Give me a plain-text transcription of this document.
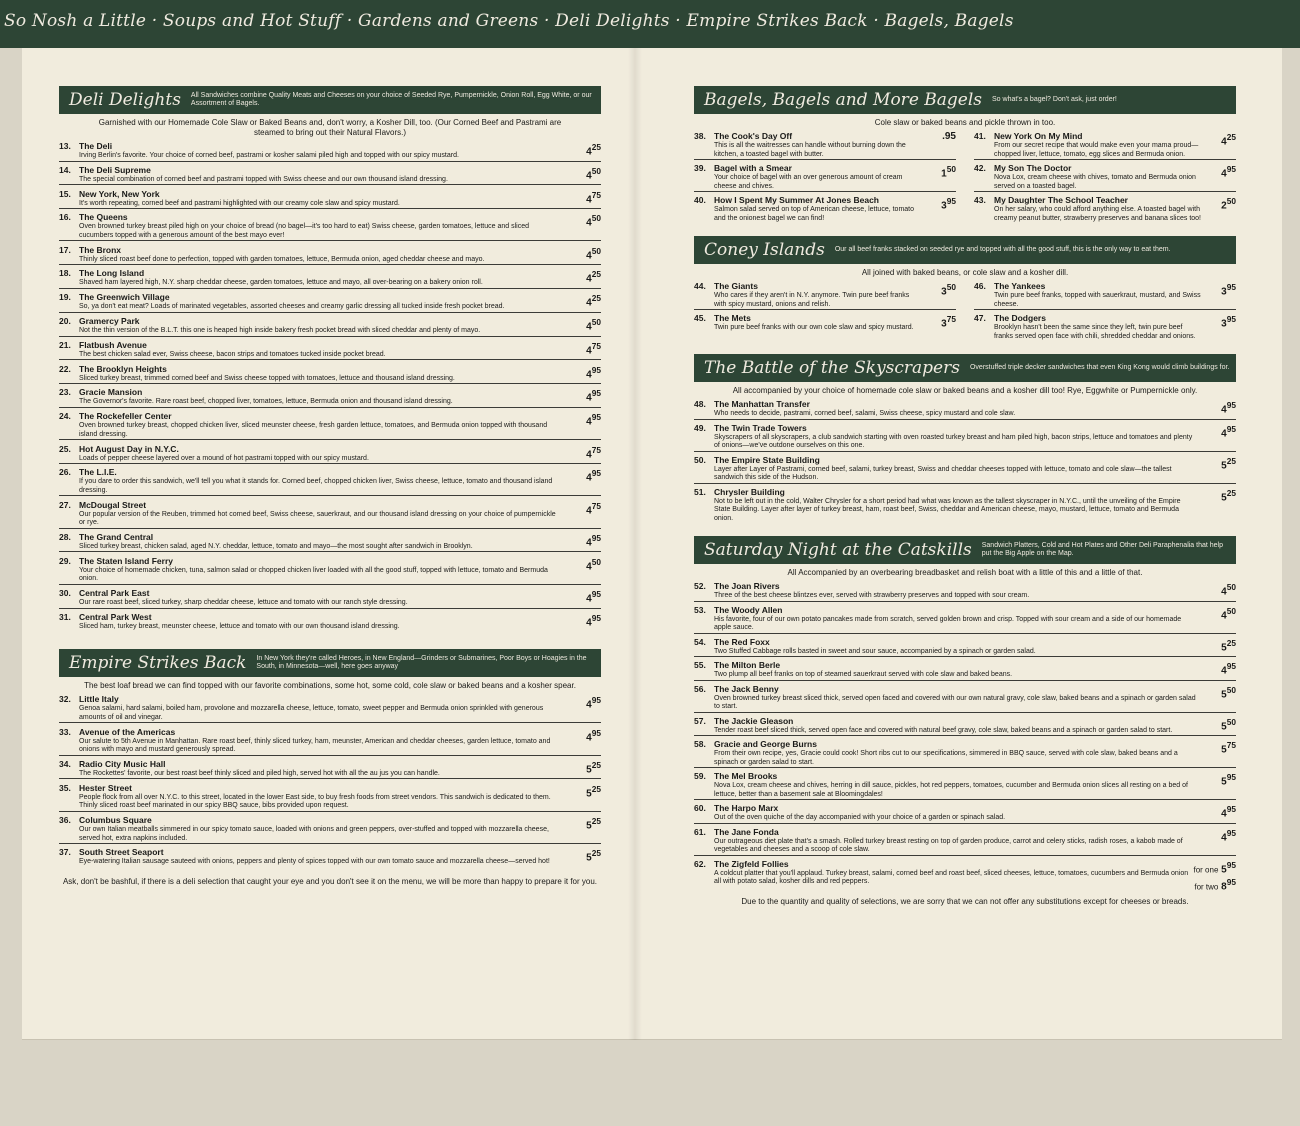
So Nosh a Little · Soups and Hot Stuff · Gardens and Greens · Deli Delights · Empire Strikes Back · Bagels, Bagels
Deli Delights	All Sandwiches combine Quality Meats and Cheeses on your choice of Seeded Rye, Pumpernickle, Onion Roll, Egg White, or our Assortment of Bagels.

Garnished with our Homemade Cole Slaw or Baked Beans and, don't worry, a Kosher Dill, too. (Our Corned Beef and Pastrami are steamed to bring out their Natural Flavors.)

13. The Deli
Irving Berlin's favorite. Your choice of corned beef, pastrami or kosher salami piled high and topped with our spicy mustard.	$4^{25}$
14. The Deli Supreme
The special combination of corned beef and pastrami topped with Swiss cheese and our own thousand island dressing.	$4^{50}$
15. New York, New York
It's worth repeating, corned beef and pastrami highlighted with our creamy cole slaw and spicy mustard.	$4^{75}$
16. The Queens
Oven browned turkey breast piled high on your choice of bread (no bagel—it's too hard to eat) Swiss cheese, garden tomatoes, lettuce and sliced cucumbers topped with a generous amount of the best mayo ever!
$4^{50}$
17. The Bronx
Thinly sliced roast beef done to perfection, topped with garden tomatoes, lettuce, Bermuda onion, aged cheddar cheese and mayo.	$4^{50}$
18. The Long Island
Shaved ham layered high, N.Y. sharp cheddar cheese, garden tomatoes, lettuce and mayo, all over-bearing on a bakery onion roll.	$4^{25}$
19. The Greenwich Village
So, ya don't eat meat? Loads of marinated vegetables, assorted cheeses and creamy garlic dressing all tucked inside fresh pocket bread.	$4^{25}$
20. Gramercy Park
Not the thin version of the B.L.T. this one is heaped high inside bakery fresh pocket bread with sliced cheddar and plenty of mayo.	$4^{50}$
21. Flatbush Avenue
The best chicken salad ever, Swiss cheese, bacon strips and tomatoes tucked inside pocket bread.	$4^{75}$
22. The Brooklyn Heights
Sliced turkey breast, trimmed corned beef and Swiss cheese topped with tomatoes, lettuce and thousand island dressing.	$4^{95}$
23. Gracie Mansion
The Governor's favorite. Rare roast beef, chopped liver, tomatoes, lettuce, Bermuda onion and thousand island dressing.	$4^{95}$
24. The Rockefeller Center
Oven browned turkey breast, chopped chicken liver, sliced meunster cheese, fresh garden lettuce, tomatoes, and Bermuda onion topped with thousand island dressing.
$4^{95}$
25. Hot August Day in N.Y.C.
Loads of pepper cheese layered over a mound of hot pastrami topped with our spicy mustard.	$4^{75}$
26. The L.I.E.
If you dare to order this sandwich, we'll tell you what it stands for. Corned beef, chopped chicken liver, Swiss cheese, lettuce, tomato and thousand island dressing.
$4^{95}$
27. McDougal Street
Our popular version of the Reuben, trimmed hot corned beef, Swiss cheese, sauerkraut, and our thousand island dressing on your choice of pumpernickle or rye.
$4^{75}$
28. The Grand Central
Sliced turkey breast, chicken salad, aged N.Y. cheddar, lettuce, tomato and mayo—the most sought after sandwich in Brooklyn.	$4^{95}$
29. The Staten Island Ferry
Your choice of homemade chicken, tuna, salmon salad or chopped chicken liver loaded with all the good stuff, topped with lettuce, tomato and Bermuda onion.
$4^{50}$
30. Central Park East
Our rare roast beef, sliced turkey, sharp cheddar cheese, lettuce and tomato with our ranch style dressing.	$4^{95}$
31. Central Park West
Sliced ham, turkey breast, meunster cheese, lettuce and tomato with our own thousand island dressing.	$4^{95}$
Empire Strikes Back	In New York they're called Heroes, in New England—Grinders or Submarines, Poor Boys or Hoagies in the South, in Minnesota—well, here goes anyway

The best loaf bread we can find topped with our favorite combinations, some hot, some cold, cole slaw or baked beans and a kosher spear.

32. Little Italy
Genoa salami, hard salami, boiled ham, provolone and mozzarella cheese, lettuce, tomato, sweet pepper and Bermuda onion sprinkled with generous amounts of oil and vinegar.
$4^{95}$
33. Avenue of the Americas
Our salute to 5th Avenue in Manhattan. Rare roast beef, thinly sliced turkey, ham, meunster, American and cheddar cheeses, garden lettuce, tomato and onions with mayo and mustard generously spread.
$4^{95}$
34. Radio City Music Hall
The Rockettes' favorite, our best roast beef thinly sliced and piled high, served hot with all the au jus you can handle.	$5^{25}$
35. Hester Street
People flock from all over N.Y.C. to this street, located in the lower East side, to buy fresh foods from street vendors. This sandwich is dedicated to them. Thinly sliced roast beef marinated in our spicy BBQ sauce, bibs provided upon request.
$5^{25}$
36. Columbus Square
Our own Italian meatballs simmered in our spicy tomato sauce, loaded with onions and green peppers, over-stuffed and topped with mozzarella cheese, served hot, extra napkins included.
$5^{25}$
37. South Street Seaport
Eye-watering Italian sausage sauteed with onions, peppers and plenty of spices topped with our own tomato sauce and mozzarella cheese—served hot!	$5^{25}$

Ask, don't be bashful, if there is a deli selection that caught your eye and you don't see it on the menu, we will be more than happy to prepare it for you.

Bagels, Bagels and More Bagels	So what's a bagel? Don't ask, just order!

Cole slaw or baked beans and pickle thrown in too.

38. The Cook's Day Off
This is all the waitresses can handle without burning down the kitchen, a toasted bagel with butter.
.95
39. Bagel with a Smear
Your choice of bagel with an over generous amount of cream cheese and chives.
$1^{50}$
40. How I Spent My Summer At Jones Beach
Salmon salad served on top of American cheese, lettuce, tomato and the onionest bagel we can find!
$3^{95}$
41. New York On My Mind
From our secret recipe that would make even your mama proud—chopped liver, lettuce, tomato, egg slices and Bermuda onion.
$4^{25}$
42. My Son The Doctor
Nova Lox, cream cheese with chives, tomato and Bermuda onion served on a toasted bagel.
$4^{95}$
43. My Daughter The School Teacher
On her salary, who could afford anything else. A toasted bagel with creamy peanut butter, strawberry preserves and banana slices too!
$2^{50}$
Coney Islands	Our all beef franks stacked on seeded rye and topped with all the good stuff, this is the only way to eat them.

All joined with baked beans, or cole slaw and a kosher dill.

44. The Giants
Who cares if they aren't in N.Y. anymore. Twin pure beef franks with spicy mustard, onions and relish.
$3^{50}$
45. The Mets
Twin pure beef franks with our own cole slaw and spicy mustard.	$3^{75}$
46. The Yankees
Twin pure beef franks, topped with sauerkraut, mustard, and Swiss cheese.
$3^{95}$
47. The Dodgers
Brooklyn hasn't been the same since they left, twin pure beef franks served open face with chili, shredded cheddar and onions.
$3^{95}$
The Battle of the Skyscrapers	Overstuffed triple decker sandwiches that even King Kong would climb buildings for.

All accompanied by your choice of homemade cole slaw or baked beans and a kosher dill too! Rye, Eggwhite or Pumpernickle only.

48. The Manhattan Transfer
Who needs to decide, pastrami, corned beef, salami, Swiss cheese, spicy mustard and cole slaw.	$4^{95}$
49. The Twin Trade Towers
Skyscrapers of all skyscrapers, a club sandwich starting with oven roasted turkey breast and ham piled high, bacon strips, lettuce and tomatoes and plenty of onions—we've outdone ourselves on this one.
$4^{95}$
50. The Empire State Building
Layer after Layer of Pastrami, corned beef, salami, turkey breast, Swiss and cheddar cheeses topped with lettuce, tomato and cole slaw—the tallest sandwich this side of the Hudson.
$5^{25}$
51. Chrysler Building
Not to be left out in the cold, Walter Chrysler for a short period had what was known as the tallest skyscraper in N.Y.C., until the unveiling of the Empire State Building. Layer after layer of turkey breast, ham, roast beef, Swiss, cheddar and American cheese, mayo, mustard, lettuce, tomato and Bermuda onion.
$5^{25}$
Saturday Night at the Catskills	Sandwich Platters, Cold and Hot Plates and Other Deli Paraphenalia that help put the Big Apple on the Map.

All Accompanied by an overbearing breadbasket and relish boat with a little of this and a little of that.

52. The Joan Rivers
Three of the best cheese blintzes ever, served with strawberry preserves and topped with sour cream.	$4^{50}$
53. The Woody Allen
His favorite, four of our own potato pancakes made from scratch, served golden brown and crisp. Topped with sour cream and a side of our homemade apple sauce.
$4^{50}$
54. The Red Foxx
Two Stuffed Cabbage rolls basted in sweet and sour sauce, accompanied by a spinach or garden salad.	$5^{25}$
55. The Milton Berle
Two plump all beef franks on top of steamed sauerkraut served with cole slaw and baked beans.	$4^{95}$
56. The Jack Benny
Oven browned turkey breast sliced thick, served open faced and covered with our own natural gravy, cole slaw, baked beans and a spinach or garden salad to start.
$5^{50}$
57. The Jackie Gleason
Tender roast beef sliced thick, served open face and covered with natural beef gravy, cole slaw, baked beans and a spinach or garden salad to start.	$5^{50}$
58. Gracie and George Burns
From their own recipe, yes, Gracie could cook! Short ribs cut to our specifications, simmered in BBQ sauce, served with cole slaw, baked beans and a spinach or garden salad to start.
$5^{75}$
59. The Mel Brooks
Nova Lox, cream cheese and chives, herring in dill sauce, pickles, hot red peppers, tomatoes, cucumber and Bermuda onion slices all resting on a bed of lettuce, better than a basement sale at Bloomingdales!
$5^{95}$
60. The Harpo Marx
Out of the oven quiche of the day accompanied with your choice of a garden or spinach salad.	$4^{95}$
61. The Jane Fonda
Our outrageous diet plate that's a smash. Rolled turkey breast resting on top of garden produce, carrot and celery sticks, radish roses, a kabob made of vegetables and cheeses and a scoop of cole slaw.
$4^{95}$
62. The Zigfeld Follies
A coldcut platter that you'll applaud. Turkey breast, salami, corned beef and roast beef, sliced cheeses, lettuce, tomatoes, cucumbers and Bermuda onion all with potato salad, kosher dills and red peppers.
for one $5^{95}$
for two $8^{95}$

Due to the quantity and quality of selections, we are sorry that we can not offer any substitutions except for cheeses or breads.
